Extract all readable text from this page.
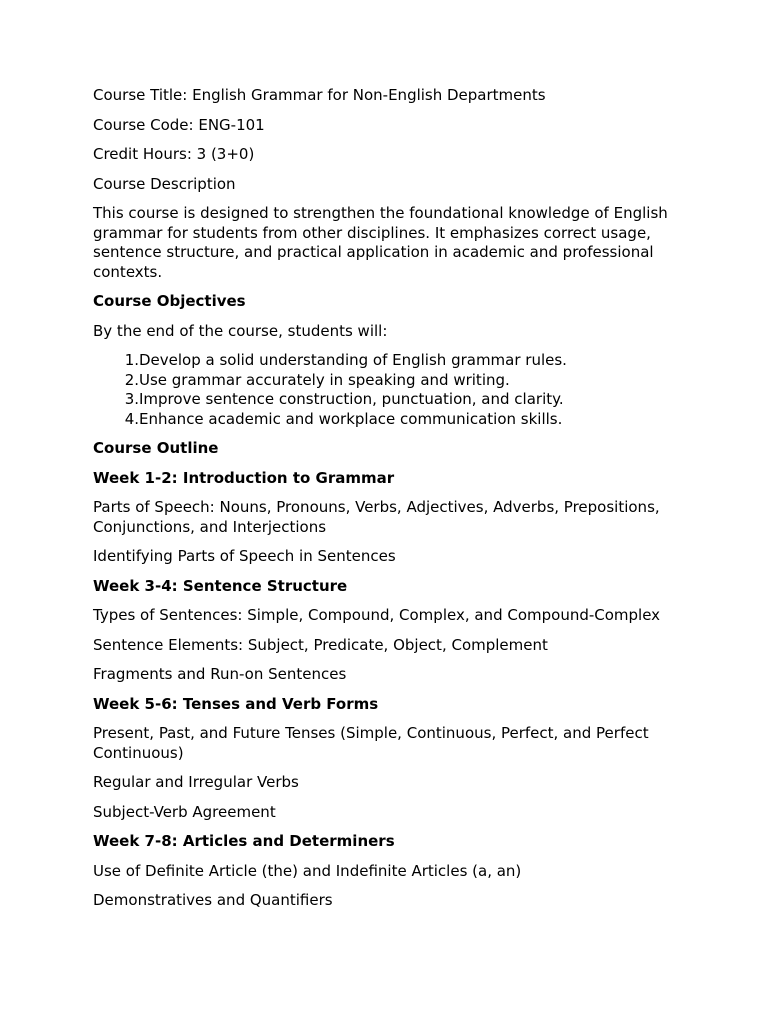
Course Title: English Grammar for Non-English Departments

Course Code: ENG-101

Credit Hours: 3 (3+0)

Course Description

This course is designed to strengthen the foundational knowledge of English grammar for students from other disciplines. It emphasizes correct usage, sentence structure, and practical application in academic and professional contexts.

Course Objectives

By the end of the course, students will:

1. Develop a solid understanding of English grammar rules.
2. Use grammar accurately in speaking and writing.
3. Improve sentence construction, punctuation, and clarity.
4. Enhance academic and workplace communication skills.

Course Outline

Week 1-2: Introduction to Grammar

Parts of Speech: Nouns, Pronouns, Verbs, Adjectives, Adverbs, Prepositions, Conjunctions, and Interjections

Identifying Parts of Speech in Sentences

Week 3-4: Sentence Structure

Types of Sentences: Simple, Compound, Complex, and Compound-Complex

Sentence Elements: Subject, Predicate, Object, Complement

Fragments and Run-on Sentences

Week 5-6: Tenses and Verb Forms

Present, Past, and Future Tenses (Simple, Continuous, Perfect, and Perfect Continuous)

Regular and Irregular Verbs

Subject-Verb Agreement

Week 7-8: Articles and Determiners

Use of Definite Article (the) and Indefinite Articles (a, an)

Demonstratives and Quantifiers
